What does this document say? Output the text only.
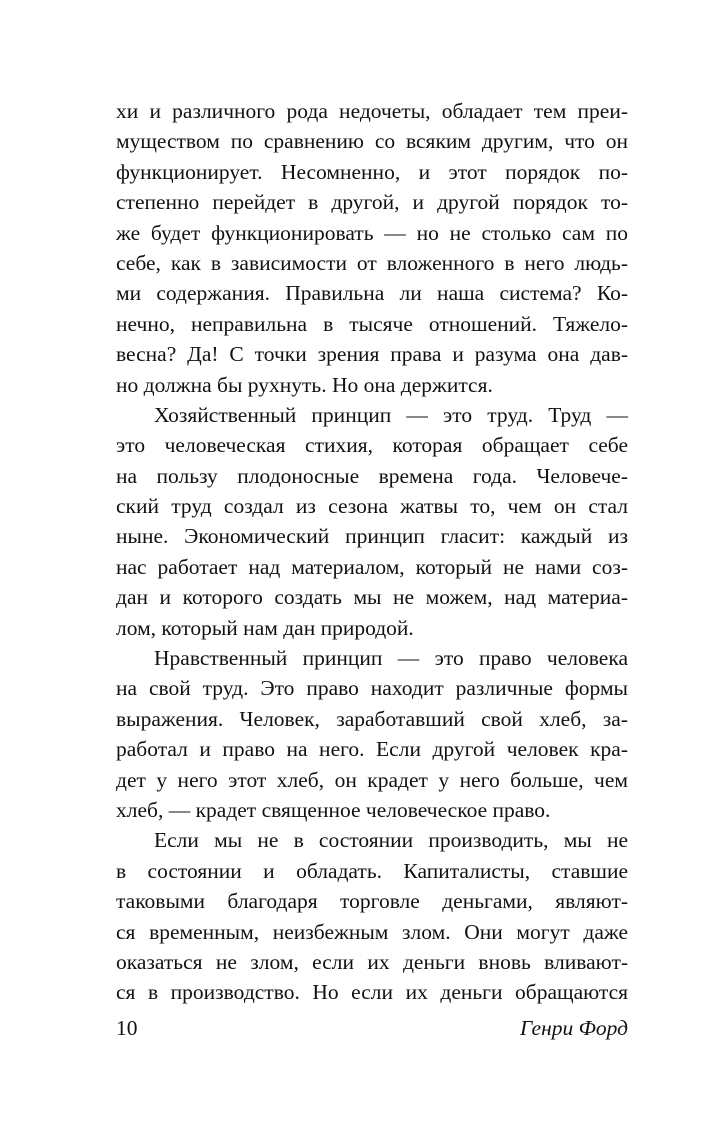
хи и различного рода недочеты, обладает тем преи-
муществом по сравнению со всяким другим, что он
функционирует. Несомненно, и этот порядок по-
степенно перейдет в другой, и другой порядок то-
же будет функционировать — но не столько сам по
себе, как в зависимости от вложенного в него людь-
ми содержания. Правильна ли наша система? Ко-
нечно, неправильна в тысяче отношений. Тяжело-
весна? Да! С точки зрения права и разума она дав-
но должна бы рухнуть. Но она держится.
Хозяйственный принцип — это труд. Труд —
это человеческая стихия, которая обращает себе
на пользу плодоносные времена года. Человече-
ский труд создал из сезона жатвы то, чем он стал
ныне. Экономический принцип гласит: каждый из
нас работает над материалом, который не нами соз-
дан и которого создать мы не можем, над материа-
лом, который нам дан природой.
Нравственный принцип — это право человека
на свой труд. Это право находит различные формы
выражения. Человек, заработавший свой хлеб, за-
работал и право на него. Если другой человек кра-
дет у него этот хлеб, он крадет у него больше, чем
хлеб, — крадет священное человеческое право.
Если мы не в состоянии производить, мы не
в состоянии и обладать. Капиталисты, ставшие
таковыми благодаря торговле деньгами, являют-
ся временным, неизбежным злом. Они могут даже
оказаться не злом, если их деньги вновь вливают-
ся в производство. Но если их деньги обращаются
10	Генри Форд
